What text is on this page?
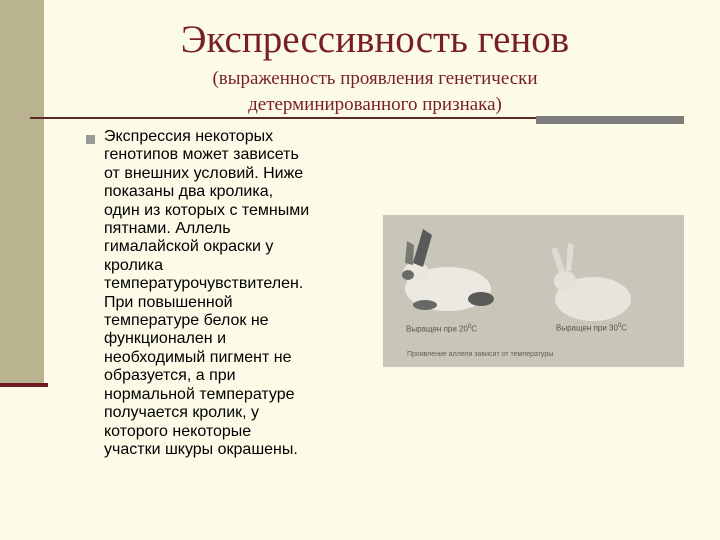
Экспрессивность генов
(выраженность проявления генетически
детерминированного признака)
Экспрессия некоторых
генотипов может зависеть
от внешних условий. Ниже
показаны два кролика,
один из которых с темными
пятнами. Аллель
гималайской окраски у
кролика
температурочувствителен.
При повышенной
температуре белок не
функционален и
необходимый пигмент не
образуется, а при
нормальной температуре
получается кролик, у
которого некоторые
участки шкуры окрашены.
Выращен при $20^0C$	Выращен при $30^0C$
Проявление аллеля зависит от температуры
